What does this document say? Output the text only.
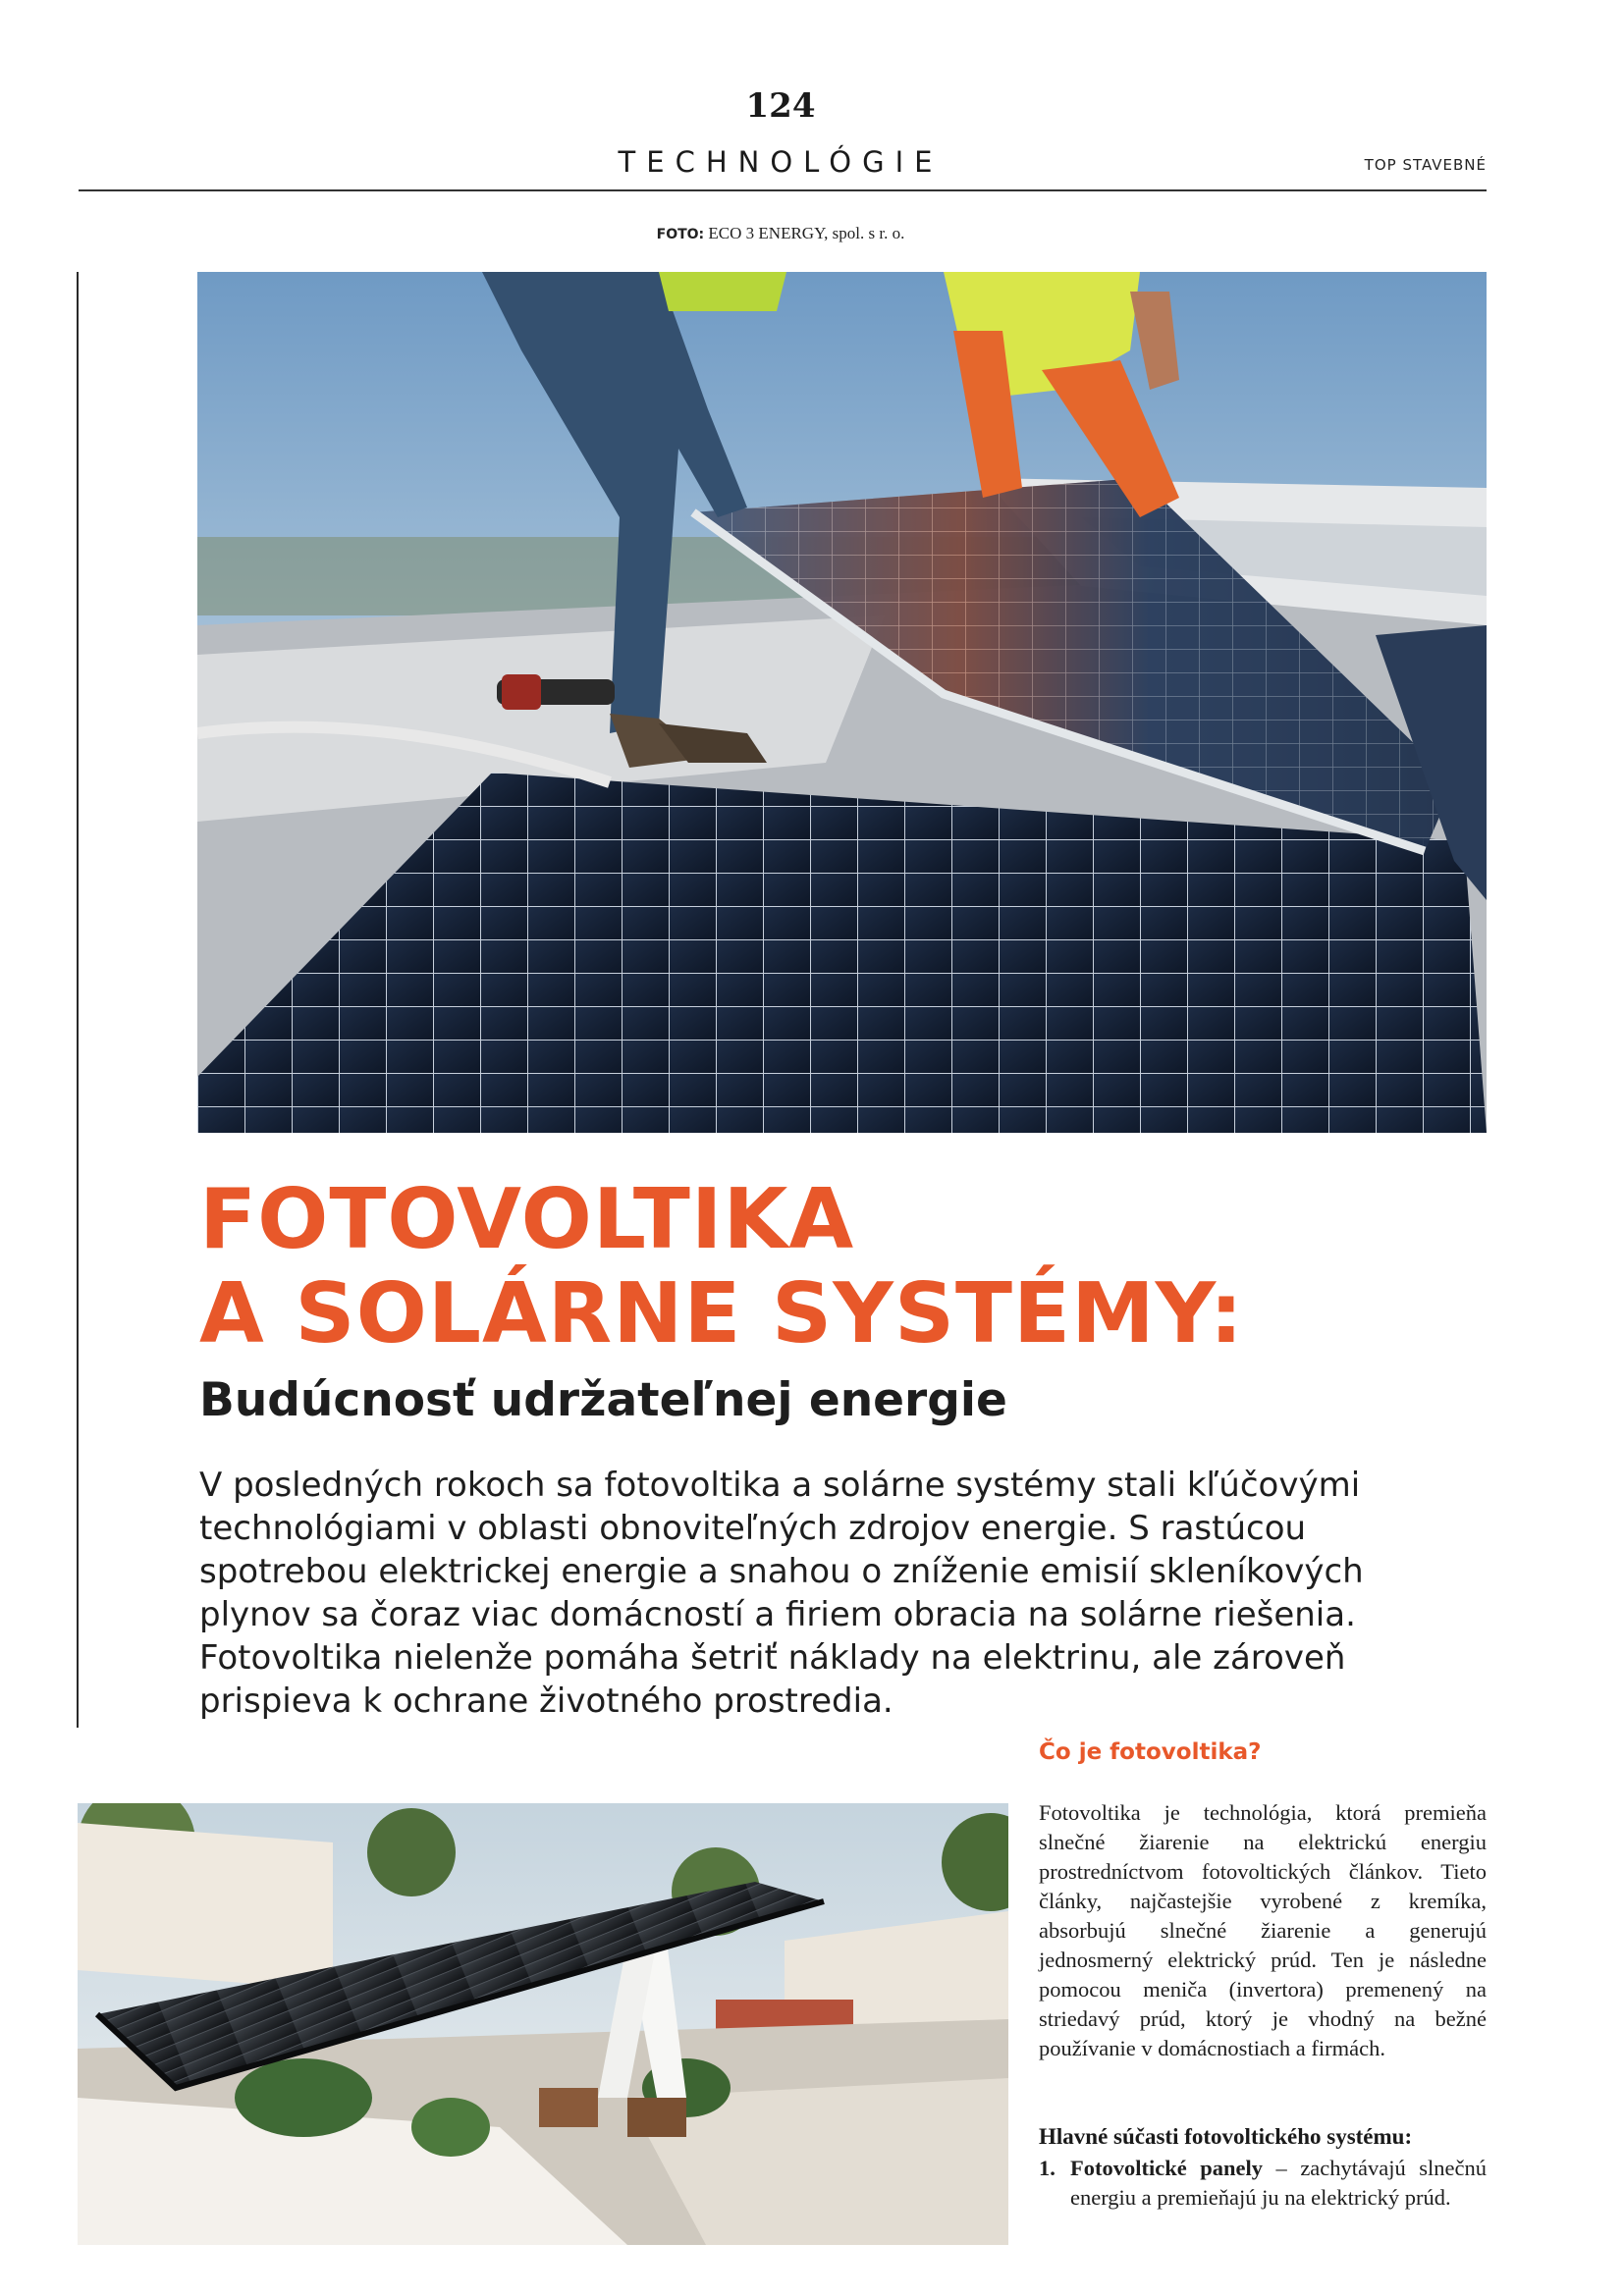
124
TECHNOLÓGIE	TOP STAVEBNÉ
FOTO: ECO 3 ENERGY, spol. s r. o.
FOTOVOLTIKA
A SOLÁRNE SYSTÉMY:
Budúcnosť udržateľnej energie
V posledných rokoch sa fotovoltika a solárne systémy stali kľúčovými technológiami v oblasti obnoviteľných zdrojov energie. S rastúcou spotrebou elektrickej energie a snahou o zníženie emisií skleníkových plynov sa čoraz viac domácností a firiem obracia na solárne riešenia. Fotovoltika nielenže pomáha šetriť náklady na elektrinu, ale zároveň prispieva k ochrane životného prostredia.
Čo je fotovoltika?

Fotovoltika je technológia, ktorá premieňa slnečné žiarenie na elektrickú energiu prostredníctvom fotovoltických článkov. Tieto články, najčastejšie vyrobené z kremíka, absorbujú slnečné žiarenie a generujú jednosmerný elektrický prúd. Ten je následne pomocou meniča (invertora) premenený na striedavý prúd, ktorý je vhodný na bežné používanie v domácnostiach a firmách.

Hlavné súčasti fotovoltického systému:
1. Fotovoltické panely – zachytávajú slnečnú energiu a premieňajú ju na elektrický prúd.
